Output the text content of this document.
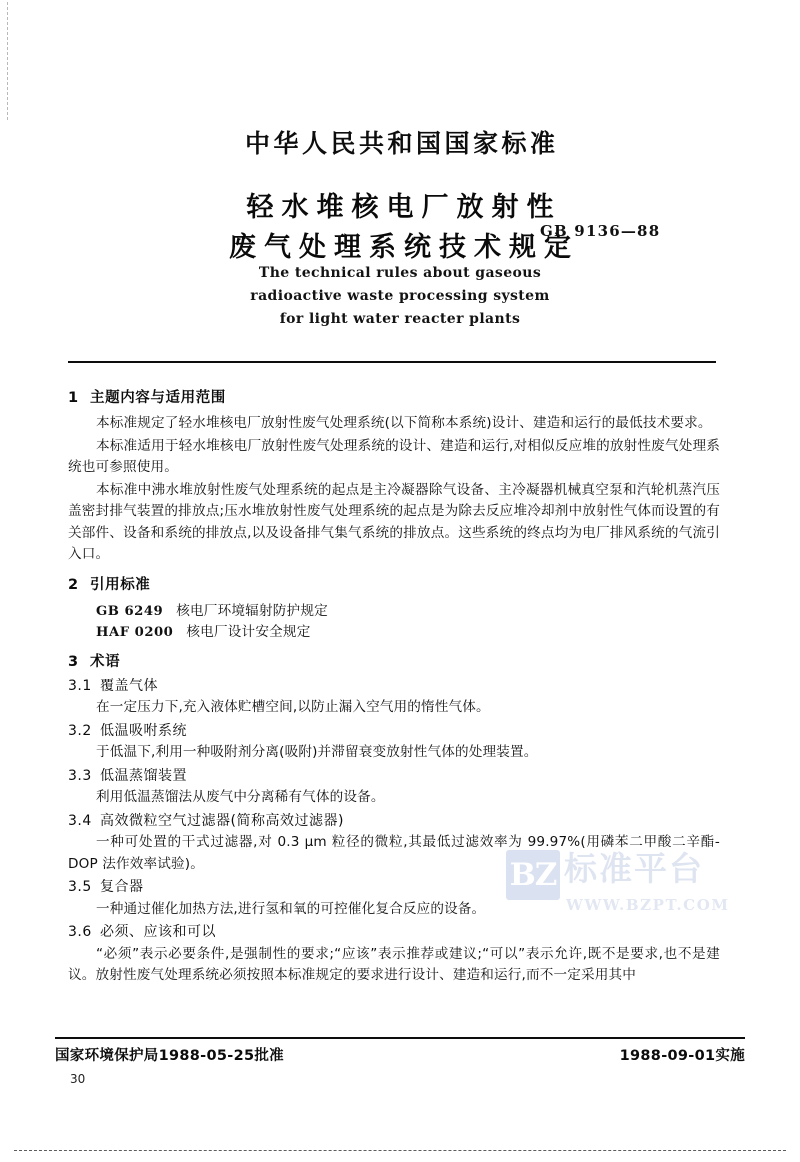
中华人民共和国国家标准
轻水堆核电厂放射性
废气处理系统技术规定
GB 9136—88
The technical rules about gaseous
radioactive waste processing system
for light water reacter plants
1 主题内容与适用范围

本标准规定了轻水堆核电厂放射性废气处理系统(以下简称本系统)设计、建造和运行的最低技术要求。

本标准适用于轻水堆核电厂放射性废气处理系统的设计、建造和运行,对相似反应堆的放射性废气处理系统也可参照使用。

本标准中沸水堆放射性废气处理系统的起点是主冷凝器除气设备、主冷凝器机械真空泵和汽轮机蒸汽压盖密封排气装置的排放点;压水堆放射性废气处理系统的起点是为除去反应堆冷却剂中放射性气体而设置的有关部件、设备和系统的排放点,以及设备排气集气系统的排放点。这些系统的终点均为电厂排风系统的气流引入口。

2 引用标准
GB 6249 核电厂环境辐射防护规定
HAF 0200 核电厂设计安全规定
3 术语
3.1 覆盖气体

在一定压力下,充入液体贮槽空间,以防止漏入空气用的惰性气体。

3.2 低温吸咐系统

于低温下,利用一种吸附剂分离(吸附)并滞留衰变放射性气体的处理装置。

3.3 低温蒸馏装置

利用低温蒸馏法从废气中分离稀有气体的设备。

3.4 高效微粒空气过滤器(简称高效过滤器)

一种可处置的干式过滤器,对 0.3 μm 粒径的微粒,其最低过滤效率为 99.97%(用磷苯二甲酸二辛酯-DOP 法作效率试验)。

3.5 复合器

一种通过催化加热方法,进行氢和氧的可控催化复合反应的设备。

3.6 必须、应该和可以

“必须”表示必要条件,是强制性的要求;“应该”表示推荐或建议;“可以”表示允许,既不是要求,也不是建议。放射性废气处理系统必须按照本标准规定的要求进行设计、建造和运行,而不一定采用其中

BZ 标准平台
WWW.BZPT.COM
国家环境保护局1988-05-25批准	1988-09-01实施
30
